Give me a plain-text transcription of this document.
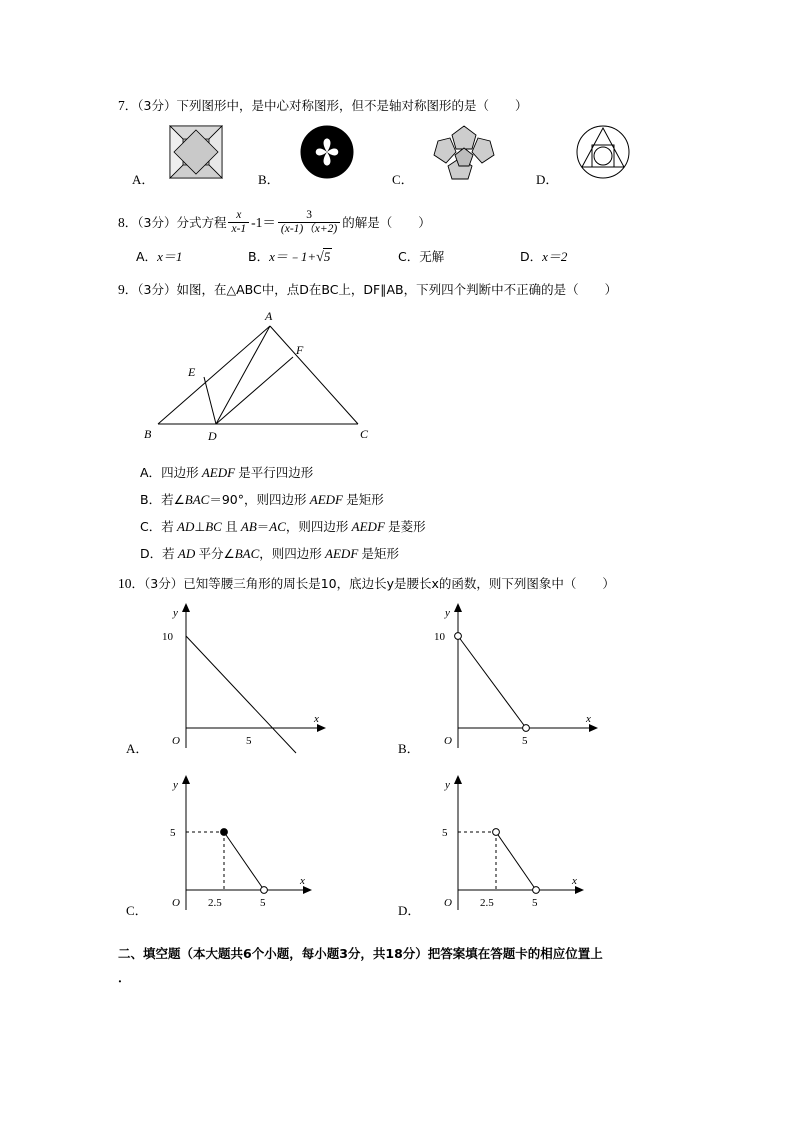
7．（3分）下列图形中，是中心对称图形，但不是轴对称图形的是（ ）
A．	B．	C．	D．
8．（3分）分式方程 $\frac{x}{x-1} -1= \frac{3}{(x-1)(x+2)}$ 的解是（ ）
A．x＝1	B．x＝﹣1+√5	C．无解	D．x＝2
9．（3分）如图，在△ABC中，点D在BC上，DF∥AB，下列四个判断中不正确的是（ ）
A
B	C
D
E
F
A．四边形 AEDF 是平行四边形
B．若∠BAC＝90°，则四边形 AEDF 是矩形
C．若 AD⊥BC 且 AB＝AC，则四边形 AEDF 是菱形
D．若 AD 平分∠BAC，则四边形 AEDF 是矩形
10．（3分）已知等腰三角形的周长是10，底边长y是腰长x的函数，则下列图象中（ ）
10
5
O
y
x
A．
10
5
O
y
x
B．
5
2.5	5
O
y
x
C．
5
2.5	5
O
y
x
D．
二、填空题（本大题共6个小题，每小题3分，共18分）把答案填在答题卡的相应位置上
．
